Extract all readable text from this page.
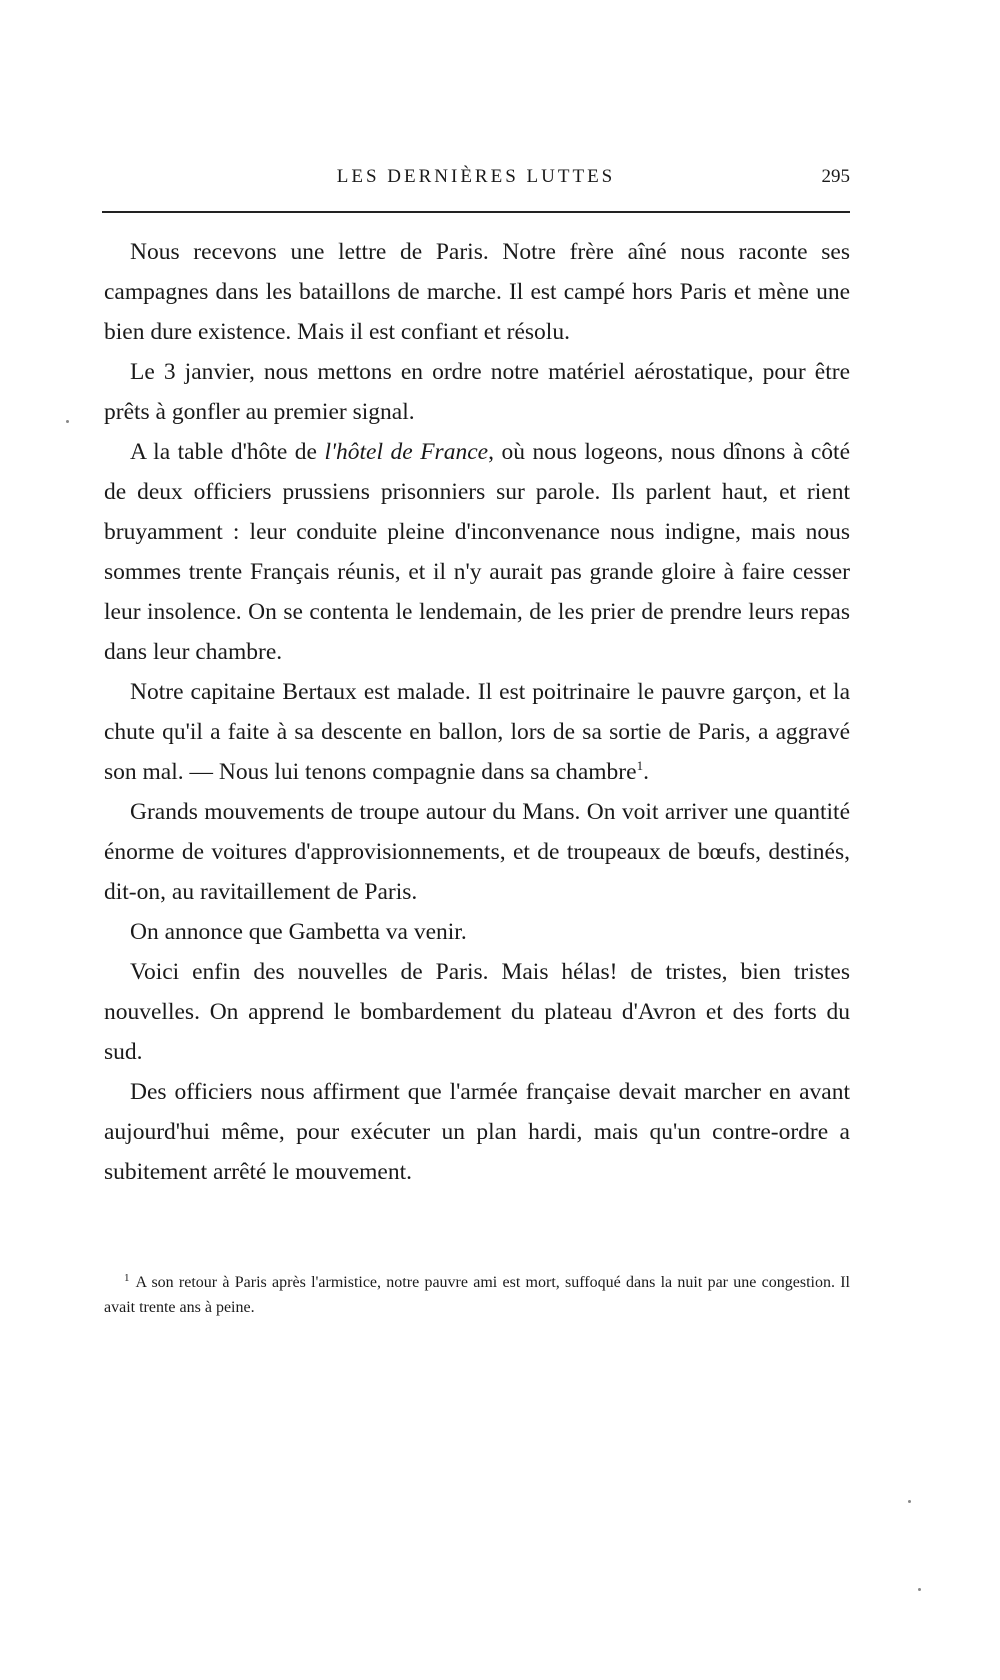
LES DERNIÈRES LUTTES	295

Nous recevons une lettre de Paris. Notre frère aîné nous raconte ses campagnes dans les bataillons de marche. Il est campé hors Paris et mène une bien dure existence. Mais il est confiant et résolu.

Le 3 janvier, nous mettons en ordre notre matériel aérostatique, pour être prêts à gonfler au premier signal.

A la table d'hôte de l'hôtel de France, où nous logeons, nous dînons à côté de deux officiers prussiens prisonniers sur parole. Ils parlent haut, et rient bruyamment : leur conduite pleine d'inconvenance nous indigne, mais nous sommes trente Français réunis, et il n'y aurait pas grande gloire à faire cesser leur insolence. On se contenta le lendemain, de les prier de prendre leurs repas dans leur chambre.

Notre capitaine Bertaux est malade. Il est poitrinaire le pauvre garçon, et la chute qu'il a faite à sa descente en ballon, lors de sa sortie de Paris, a aggravé son mal. — Nous lui tenons compagnie dans sa chambre$^1$.

Grands mouvements de troupe autour du Mans. On voit arriver une quantité énorme de voitures d'approvisionnements, et de troupeaux de bœufs, destinés, dit-on, au ravitaillement de Paris.

On annonce que Gambetta va venir.

Voici enfin des nouvelles de Paris. Mais hélas! de tristes, bien tristes nouvelles. On apprend le bombardement du plateau d'Avron et des forts du sud.

Des officiers nous affirment que l'armée française devait marcher en avant aujourd'hui même, pour exécuter un plan hardi, mais qu'un contre-ordre a subitement arrêté le mouvement.

$^1$ A son retour à Paris après l'armistice, notre pauvre ami est mort, suffoqué dans la nuit par une congestion. Il avait trente ans à peine.
